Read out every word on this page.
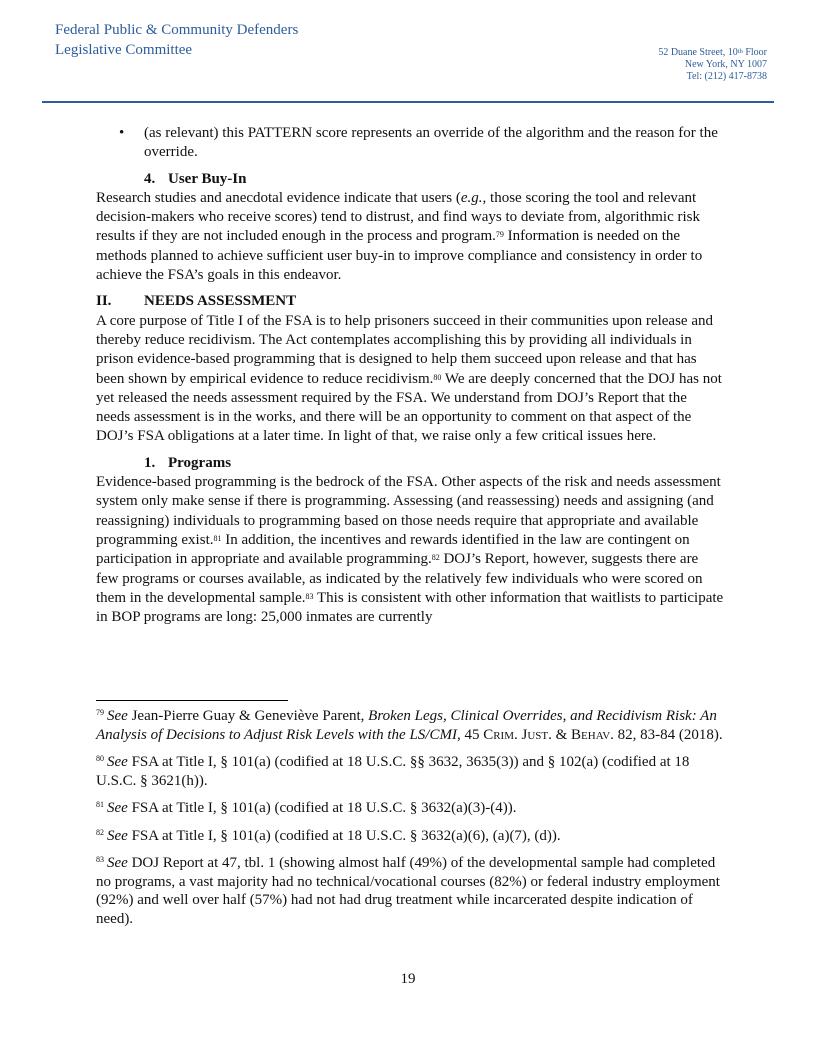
Federal Public & Community Defenders
Legislative Committee	52 Duane Street, 10th Floor
New York, NY 1007
Tel: (212) 417-8738
• (as relevant) this PATTERN score represents an override of the algorithm and the reason for the override.
4. User Buy-In

Research studies and anecdotal evidence indicate that users (e.g., those scoring the tool and relevant decision-makers who receive scores) tend to distrust, and find ways to deviate from, algorithmic risk results if they are not included enough in the process and program.$^{79}$ Information is needed on the methods planned to achieve sufficient user buy-in to improve compliance and consistency in order to achieve the FSA’s goals in this endeavor.

II. NEEDS ASSESSMENT

A core purpose of Title I of the FSA is to help prisoners succeed in their communities upon release and thereby reduce recidivism. The Act contemplates accomplishing this by providing all individuals in prison evidence-based programming that is designed to help them succeed upon release and that has been shown by empirical evidence to reduce recidivism.$^{80}$ We are deeply concerned that the DOJ has not yet released the needs assessment required by the FSA. We understand from DOJ’s Report that the needs assessment is in the works, and there will be an opportunity to comment on that aspect of the DOJ’s FSA obligations at a later time. In light of that, we raise only a few critical issues here.

1. Programs

Evidence-based programming is the bedrock of the FSA. Other aspects of the risk and needs assessment system only make sense if there is programming. Assessing (and reassessing) needs and assigning (and reassigning) individuals to programming based on those needs require that appropriate and available programming exist.$^{81}$ In addition, the incentives and rewards identified in the law are contingent on participation in appropriate and available programming.$^{82}$ DOJ’s Report, however, suggests there are few programs or courses available, as indicated by the relatively few individuals who were scored on them in the developmental sample.$^{83}$ This is consistent with other information that waitlists to participate in BOP programs are long: 25,000 inmates are currently

$^{79}$ See Jean-Pierre Guay & Geneviève Parent, Broken Legs, Clinical Overrides, and Recidivism Risk: An Analysis of Decisions to Adjust Risk Levels with the LS/CMI, 45 Crim. Just. & Behav. 82, 83-84 (2018).
$^{80}$ See FSA at Title I, § 101(a) (codified at 18 U.S.C. §§ 3632, 3635(3)) and § 102(a) (codified at 18 U.S.C. § 3621(h)).
$^{81}$ See FSA at Title I, § 101(a) (codified at 18 U.S.C. § 3632(a)(3)-(4)).
$^{82}$ See FSA at Title I, § 101(a) (codified at 18 U.S.C. § 3632(a)(6), (a)(7), (d)).
$^{83}$ See DOJ Report at 47, tbl. 1 (showing almost half (49%) of the developmental sample had completed no programs, a vast majority had no technical/vocational courses (82%) or federal industry employment (92%) and well over half (57%) had not had drug treatment while incarcerated despite indication of need).
19
